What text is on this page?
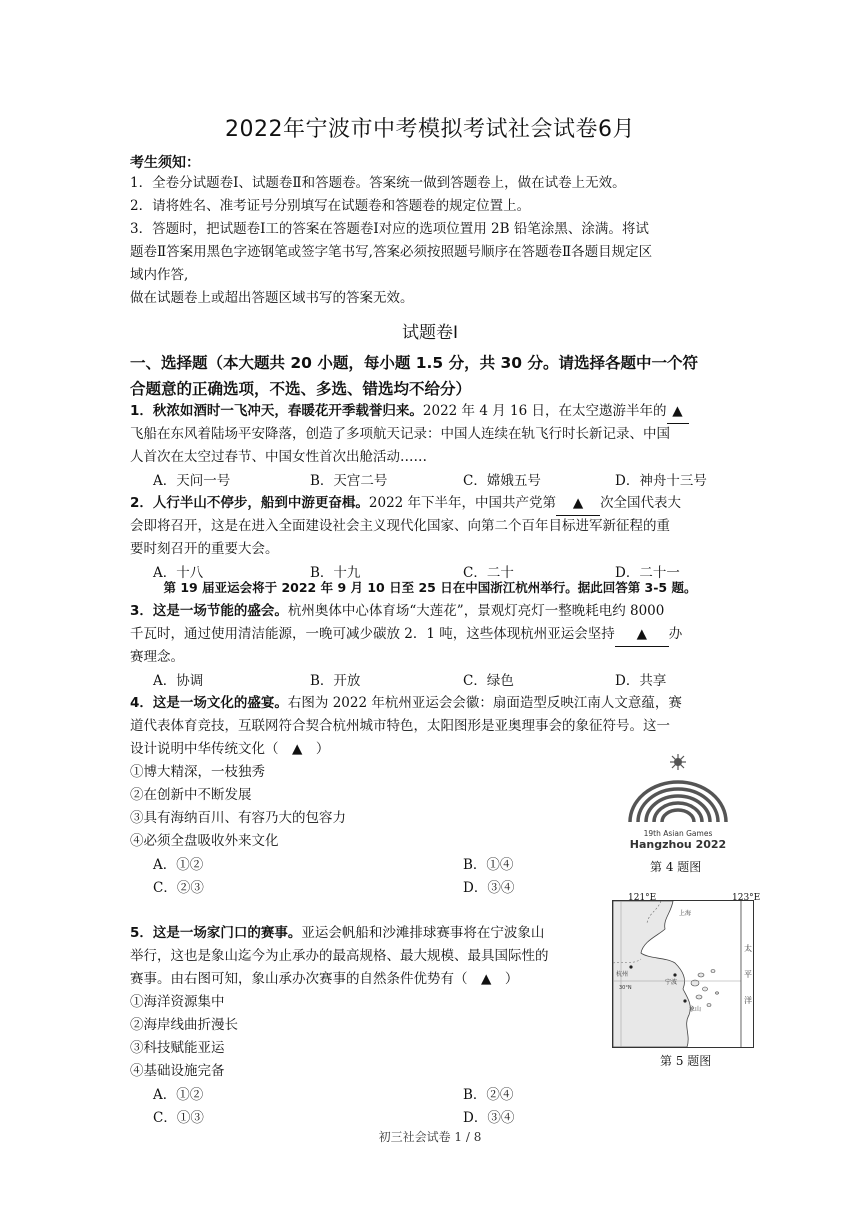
2022年宁波市中考模拟考试社会试卷6月
考生须知：
1．全卷分试题卷Ⅰ、试题卷Ⅱ和答题卷。答案统一做到答题卷上，做在试卷上无效。
2．请将姓名、准考证号分别填写在试题卷和答题卷的规定位置上。
3．答题时，把试题卷Ⅰ工的答案在答题卷Ⅰ对应的选项位置用 2B 铅笔涂黑、涂满。将试
题卷Ⅱ答案用黑色字迹钢笔或签字笔书写,答案必须按照题号顺序在答题卷Ⅱ各题目规定区
域内作答,
做在试题卷上或超出答题区域书写的答案无效。
试题卷Ⅰ
一、选择题（本大题共 20 小题，每小题 1.5 分，共 30 分。请选择各题中一个符
合题意的正确选项，不选、多选、错选均不给分）
1．秋浓如酒时一飞冲天，春暖花开季载誉归来。2022 年 4 月 16 日，在太空遨游半年的 ▲
飞船在东风着陆场平安降落，创造了多项航天记录：中国人连续在轨飞行时长新记录、中国
人首次在太空过春节、中国女性首次出舱活动……
A．天问一号	B．天宫二号	C．嫦娥五号	D．神舟十三号
2．人行半山不停步，船到中游更奋楫。2022 年下半年，中国共产党第 ▲ 次全国代表大
会即将召开，这是在进入全面建设社会主义现代化国家、向第二个百年目标进军新征程的重
要时刻召开的重要大会。
A．十八	B．十九	C．二十	D．二十一
第 19 届亚运会将于 2022 年 9 月 10 日至 25 日在中国浙江杭州举行。据此回答第 3-5 题。
3．这是一场节能的盛会。杭州奥体中心体育场“大莲花”，景观灯亮灯一整晚耗电约 8000
千瓦时，通过使用清洁能源，一晚可减少碳放 2．1 吨，这些体现杭州亚运会坚持 ▲ 办
赛理念。
A．协调	B．开放	C．绿色	D．共享
4．这是一场文化的盛宴。右图为 2022 年杭州亚运会会徽：扇面造型反映江南人文意蕴，赛
道代表体育竞技，互联网符合契合杭州城市特色，太阳图形是亚奥理事会的象征符号。这一
设计说明中华传统文化（　▲　）
①博大精深，一枝独秀
②在创新中不断发展
③具有海纳百川、有容乃大的包容力
④必须全盘吸收外来文化
A．①②	B．①④
C．②③	D．③④
19th Asian Games
Hangzhou 2022
第 4 题图
5．这是一场家门口的赛事。亚运会帆船和沙滩排球赛事将在宁波象山
举行，这也是象山迄今为止承办的最高规格、最大规模、最具国际性的
赛事。由右图可知，象山承办次赛事的自然条件优势有（　▲　）
①海洋资源集中
②海岸线曲折漫长
③科技赋能亚运
④基础设施完备
A．①②	B．②④
C．①③	D．③④
杭州
宁波
象山
上海
30°N
太
平
洋
121°E	123°E
第 5 题图
初三社会试卷 1 / 8
